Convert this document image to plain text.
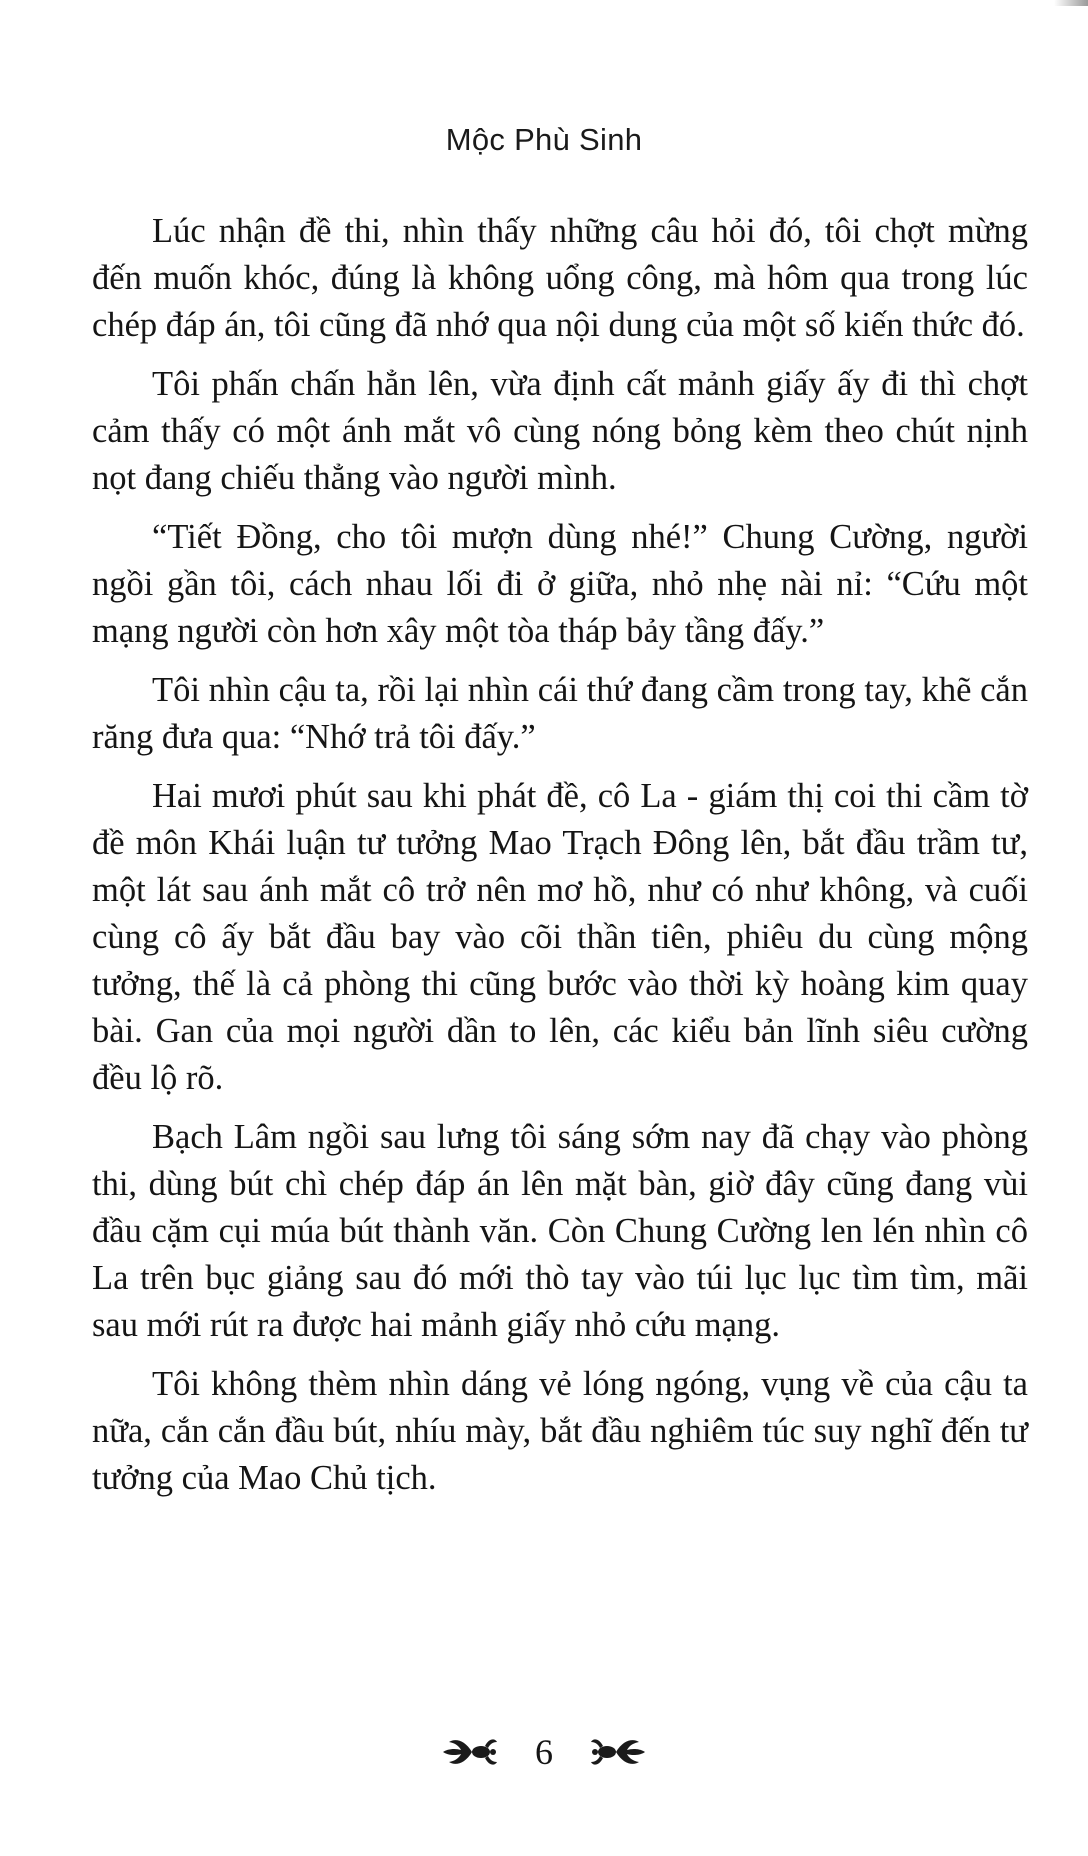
Mộc Phù Sinh

Lúc nhận đề thi, nhìn thấy những câu hỏi đó, tôi chợt mừng đến muốn khóc, đúng là không uổng công, mà hôm qua trong lúc chép đáp án, tôi cũng đã nhớ qua nội dung của một số kiến thức đó.

Tôi phấn chấn hẳn lên, vừa định cất mảnh giấy ấy đi thì chợt cảm thấy có một ánh mắt vô cùng nóng bỏng kèm theo chút nịnh nọt đang chiếu thẳng vào người mình.

“Tiết Đồng, cho tôi mượn dùng nhé!” Chung Cường, người ngồi gần tôi, cách nhau lối đi ở giữa, nhỏ nhẹ nài nỉ: “Cứu một mạng người còn hơn xây một tòa tháp bảy tầng đấy.”

Tôi nhìn cậu ta, rồi lại nhìn cái thứ đang cầm trong tay, khẽ cắn răng đưa qua: “Nhớ trả tôi đấy.”

Hai mươi phút sau khi phát đề, cô La - giám thị coi thi cầm tờ đề môn Khái luận tư tưởng Mao Trạch Đông lên, bắt đầu trầm tư, một lát sau ánh mắt cô trở nên mơ hồ, như có như không, và cuối cùng cô ấy bắt đầu bay vào cõi thần tiên, phiêu du cùng mộng tưởng, thế là cả phòng thi cũng bước vào thời kỳ hoàng kim quay bài. Gan của mọi người dần to lên, các kiểu bản lĩnh siêu cường đều lộ rõ.

Bạch Lâm ngồi sau lưng tôi sáng sớm nay đã chạy vào phòng thi, dùng bút chì chép đáp án lên mặt bàn, giờ đây cũng đang vùi đầu cặm cụi múa bút thành văn. Còn Chung Cường len lén nhìn cô La trên bục giảng sau đó mới thò tay vào túi lục lục tìm tìm, mãi sau mới rút ra được hai mảnh giấy nhỏ cứu mạng.

Tôi không thèm nhìn dáng vẻ lóng ngóng, vụng về của cậu ta nữa, cắn cắn đầu bút, nhíu mày, bắt đầu nghiêm túc suy nghĩ đến tư tưởng của Mao Chủ tịch.

6
